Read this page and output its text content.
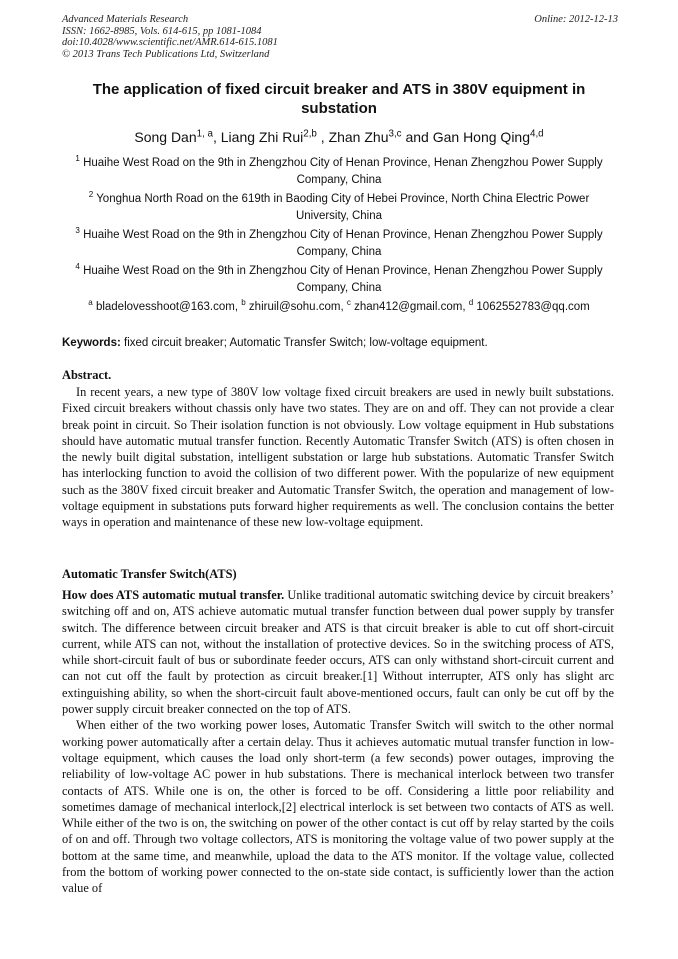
Advanced Materials Research
ISSN: 1662-8985, Vols. 614-615, pp 1081-1084
doi:10.4028/www.scientific.net/AMR.614-615.1081
© 2013 Trans Tech Publications Ltd, Switzerland
Online: 2012-12-13
The application of fixed circuit breaker and ATS in 380V equipment in substation
Song Dan$^{1, a}$, Liang Zhi Rui$^{2,b}$ , Zhan Zhu$^{3,c}$ and Gan Hong Qing$^{4,d}$
$^1$ Huaihe West Road on the 9th in Zhengzhou City of Henan Province, Henan Zhengzhou Power Supply Company, China
$^2$ Yonghua North Road on the 619th in Baoding City of Hebei Province, North China Electric Power University, China
$^3$ Huaihe West Road on the 9th in Zhengzhou City of Henan Province, Henan Zhengzhou Power Supply Company, China
$^4$ Huaihe West Road on the 9th in Zhengzhou City of Henan Province, Henan Zhengzhou Power Supply Company, China
$^a$ bladelovesshoot@163.com, $^b$ zhiruil@sohu.com, $^c$ zhan412@gmail.com, $^d$ 1062552783@qq.com
Keywords: fixed circuit breaker; Automatic Transfer Switch; low-voltage equipment.
Abstract.

In recent years, a new type of 380V low voltage fixed circuit breakers are used in newly built substations. Fixed circuit breakers without chassis only have two states. They are on and off. They can not provide a clear break point in circuit. So Their isolation function is not obviously. Low voltage equipment in Hub substations should have automatic mutual transfer function. Recently Automatic Transfer Switch (ATS) is often chosen in the newly built digital substation, intelligent substation or large hub substations. Automatic Transfer Switch has interlocking function to avoid the collision of two different power. With the popularize of new equipment such as the 380V fixed circuit breaker and Automatic Transfer Switch, the operation and management of low-voltage equipment in substations puts forward higher requirements as well. The conclusion contains the better ways in operation and maintenance of these new low-voltage equipment.

Automatic Transfer Switch(ATS)

How does ATS automatic mutual transfer. Unlike traditional automatic switching device by circuit breakers’ switching off and on, ATS achieve automatic mutual transfer function between dual power supply by transfer switch. The difference between circuit breaker and ATS is that circuit breaker is able to cut off short-circuit current, while ATS can not, without the installation of protective devices. So in the switching process of ATS, while short-circuit fault of bus or subordinate feeder occurs, ATS can only withstand short-circuit current and can not cut off the fault by protection as circuit breaker.[1] Without interrupter, ATS only has slight arc extinguishing ability, so when the short-circuit fault above-mentioned occurs, fault can only be cut off by the power supply circuit breaker connected on the top of ATS.

When either of the two working power loses, Automatic Transfer Switch will switch to the other normal working power automatically after a certain delay. Thus it achieves automatic mutual transfer function in low-voltage equipment, which causes the load only short-term (a few seconds) power outages, improving the reliability of low-voltage AC power in hub substations. There is mechanical interlock between two transfer contacts of ATS. While one is on, the other is forced to be off. Considering a little poor reliability and sometimes damage of mechanical interlock,[2] electrical interlock is set between two contacts of ATS as well. While either of the two is on, the switching on power of the other contact is cut off by relay started by the coils of on and off. Through two voltage collectors, ATS is monitoring the voltage value of two power supply at the bottom at the same time, and meanwhile, upload the data to the ATS monitor. If the voltage value, collected from the bottom of working power connected to the on-state side contact, is sufficiently lower than the action value of
